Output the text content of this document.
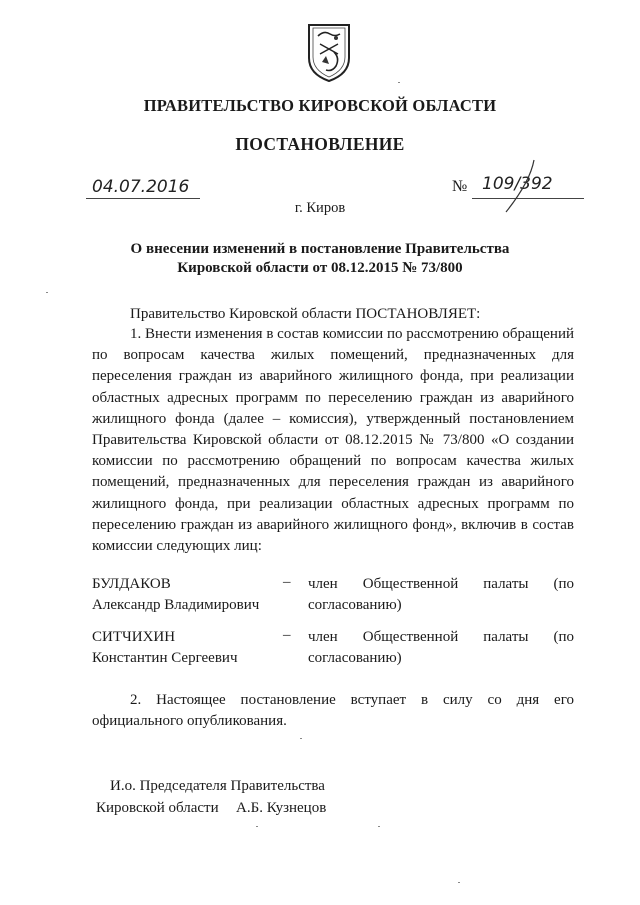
ПРАВИТЕЛЬСТВО КИРОВСКОЙ ОБЛАСТИ
ПОСТАНОВЛЕНИЕ
04.07.2016	№ 109/392
г. Киров
О внесении изменений в постановление Правительства
Кировской области от 08.12.2015 № 73/800
Правительство Кировской области ПОСТАНОВЛЯЕТ:
1. Внести изменения в состав комиссии по рассмотрению обращений по вопросам качества жилых помещений, предназначенных для переселения граждан из аварийного жилищного фонда, при реализации областных адресных программ по переселению граждан из аварийного жилищного фонда (далее – комиссия), утвержденный постановлением Правительства Кировской области от 08.12.2015 № 73/800 «О создании комиссии по рассмотрению обращений по вопросам качества жилых помещений, предназначенных для переселения граждан из аварийного жилищного фонда, при реализации областных адресных программ по переселению граждан из аварийного жилищного фонд», включив в состав комиссии следующих лиц:
БУЛДАКОВ
Александр Владимирович
– член Общественной палаты (по согласованию)
СИТЧИХИН
Константин Сергеевич
– член Общественной палаты (по согласованию)
2. Настоящее постановление вступает в силу со дня его официального опубликования.
И.о. Председателя Правительства
Кировской области А.Б. Кузнецов
